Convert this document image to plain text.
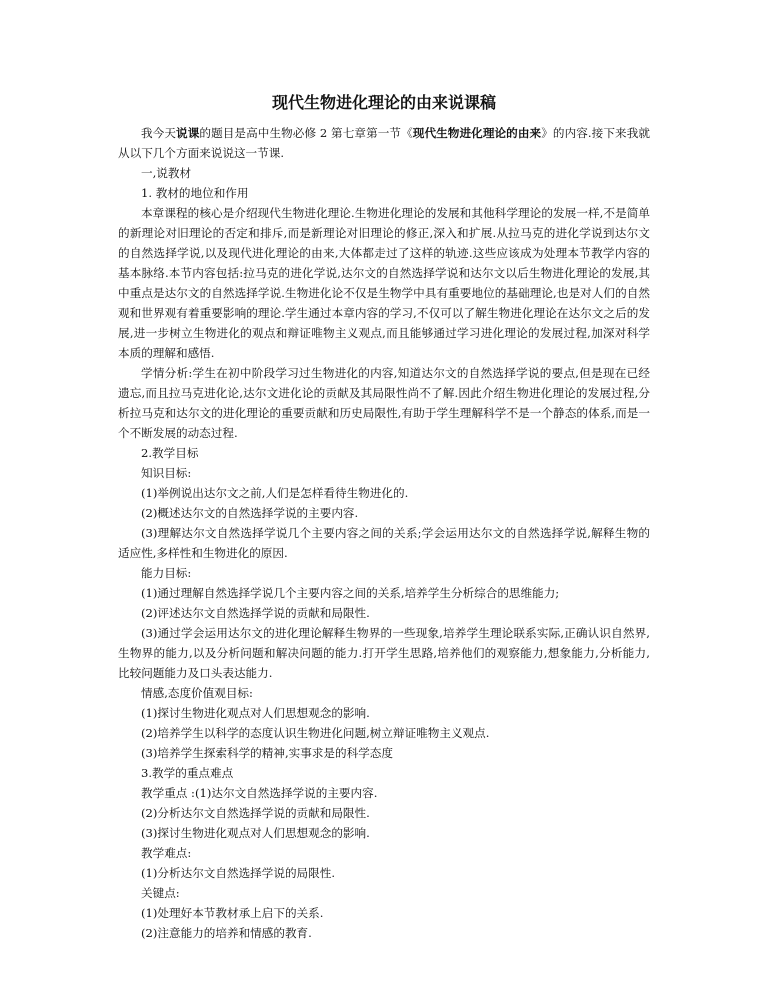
现代生物进化理论的由来说课稿

我今天说课的题目是高中生物必修 2 第七章第一节《现代生物进化理论的由来》的内容.接下来我就从以下几个方面来说说这一节课.

一,说教材

1. 教材的地位和作用

本章课程的核心是介绍现代生物进化理论.生物进化理论的发展和其他科学理论的发展一样,不是简单的新理论对旧理论的否定和排斥,而是新理论对旧理论的修正,深入和扩展.从拉马克的进化学说到达尔文的自然选择学说,以及现代进化理论的由来,大体都走过了这样的轨迹.这些应该成为处理本节教学内容的基本脉络.本节内容包括:拉马克的进化学说,达尔文的自然选择学说和达尔文以后生物进化理论的发展,其中重点是达尔文的自然选择学说.生物进化论不仅是生物学中具有重要地位的基础理论,也是对人们的自然观和世界观有着重要影响的理论.学生通过本章内容的学习,不仅可以了解生物进化理论在达尔文之后的发展,进一步树立生物进化的观点和辩证唯物主义观点,而且能够通过学习进化理论的发展过程,加深对科学本质的理解和感悟.

学情分析:学生在初中阶段学习过生物进化的内容,知道达尔文的自然选择学说的要点,但是现在已经遗忘,而且拉马克进化论,达尔文进化论的贡献及其局限性尚不了解.因此介绍生物进化理论的发展过程,分析拉马克和达尔文的进化理论的重要贡献和历史局限性,有助于学生理解科学不是一个静态的体系,而是一个不断发展的动态过程.

2.教学目标

知识目标:

(1)举例说出达尔文之前,人们是怎样看待生物进化的.

(2)概述达尔文的自然选择学说的主要内容.

(3)理解达尔文自然选择学说几个主要内容之间的关系;学会运用达尔文的自然选择学说,解释生物的适应性,多样性和生物进化的原因.

能力目标:

(1)通过理解自然选择学说几个主要内容之间的关系,培养学生分析综合的思维能力;

(2)评述达尔文自然选择学说的贡献和局限性.

(3)通过学会运用达尔文的进化理论解释生物界的一些现象,培养学生理论联系实际,正确认识自然界,生物界的能力,以及分析问题和解决问题的能力.打开学生思路,培养他们的观察能力,想象能力,分析能力,比较问题能力及口头表达能力.

情感,态度价值观目标:

(1)探讨生物进化观点对人们思想观念的影响.

(2)培养学生以科学的态度认识生物进化问题,树立辩证唯物主义观点.

(3)培养学生探索科学的精神,实事求是的科学态度

3.教学的重点难点

教学重点 :(1)达尔文自然选择学说的主要内容.

(2)分析达尔文自然选择学说的贡献和局限性.

(3)探讨生物进化观点对人们思想观念的影响.

教学难点:

(1)分析达尔文自然选择学说的局限性.

关键点:

(1)处理好本节教材承上启下的关系.

(2)注意能力的培养和情感的教育.
